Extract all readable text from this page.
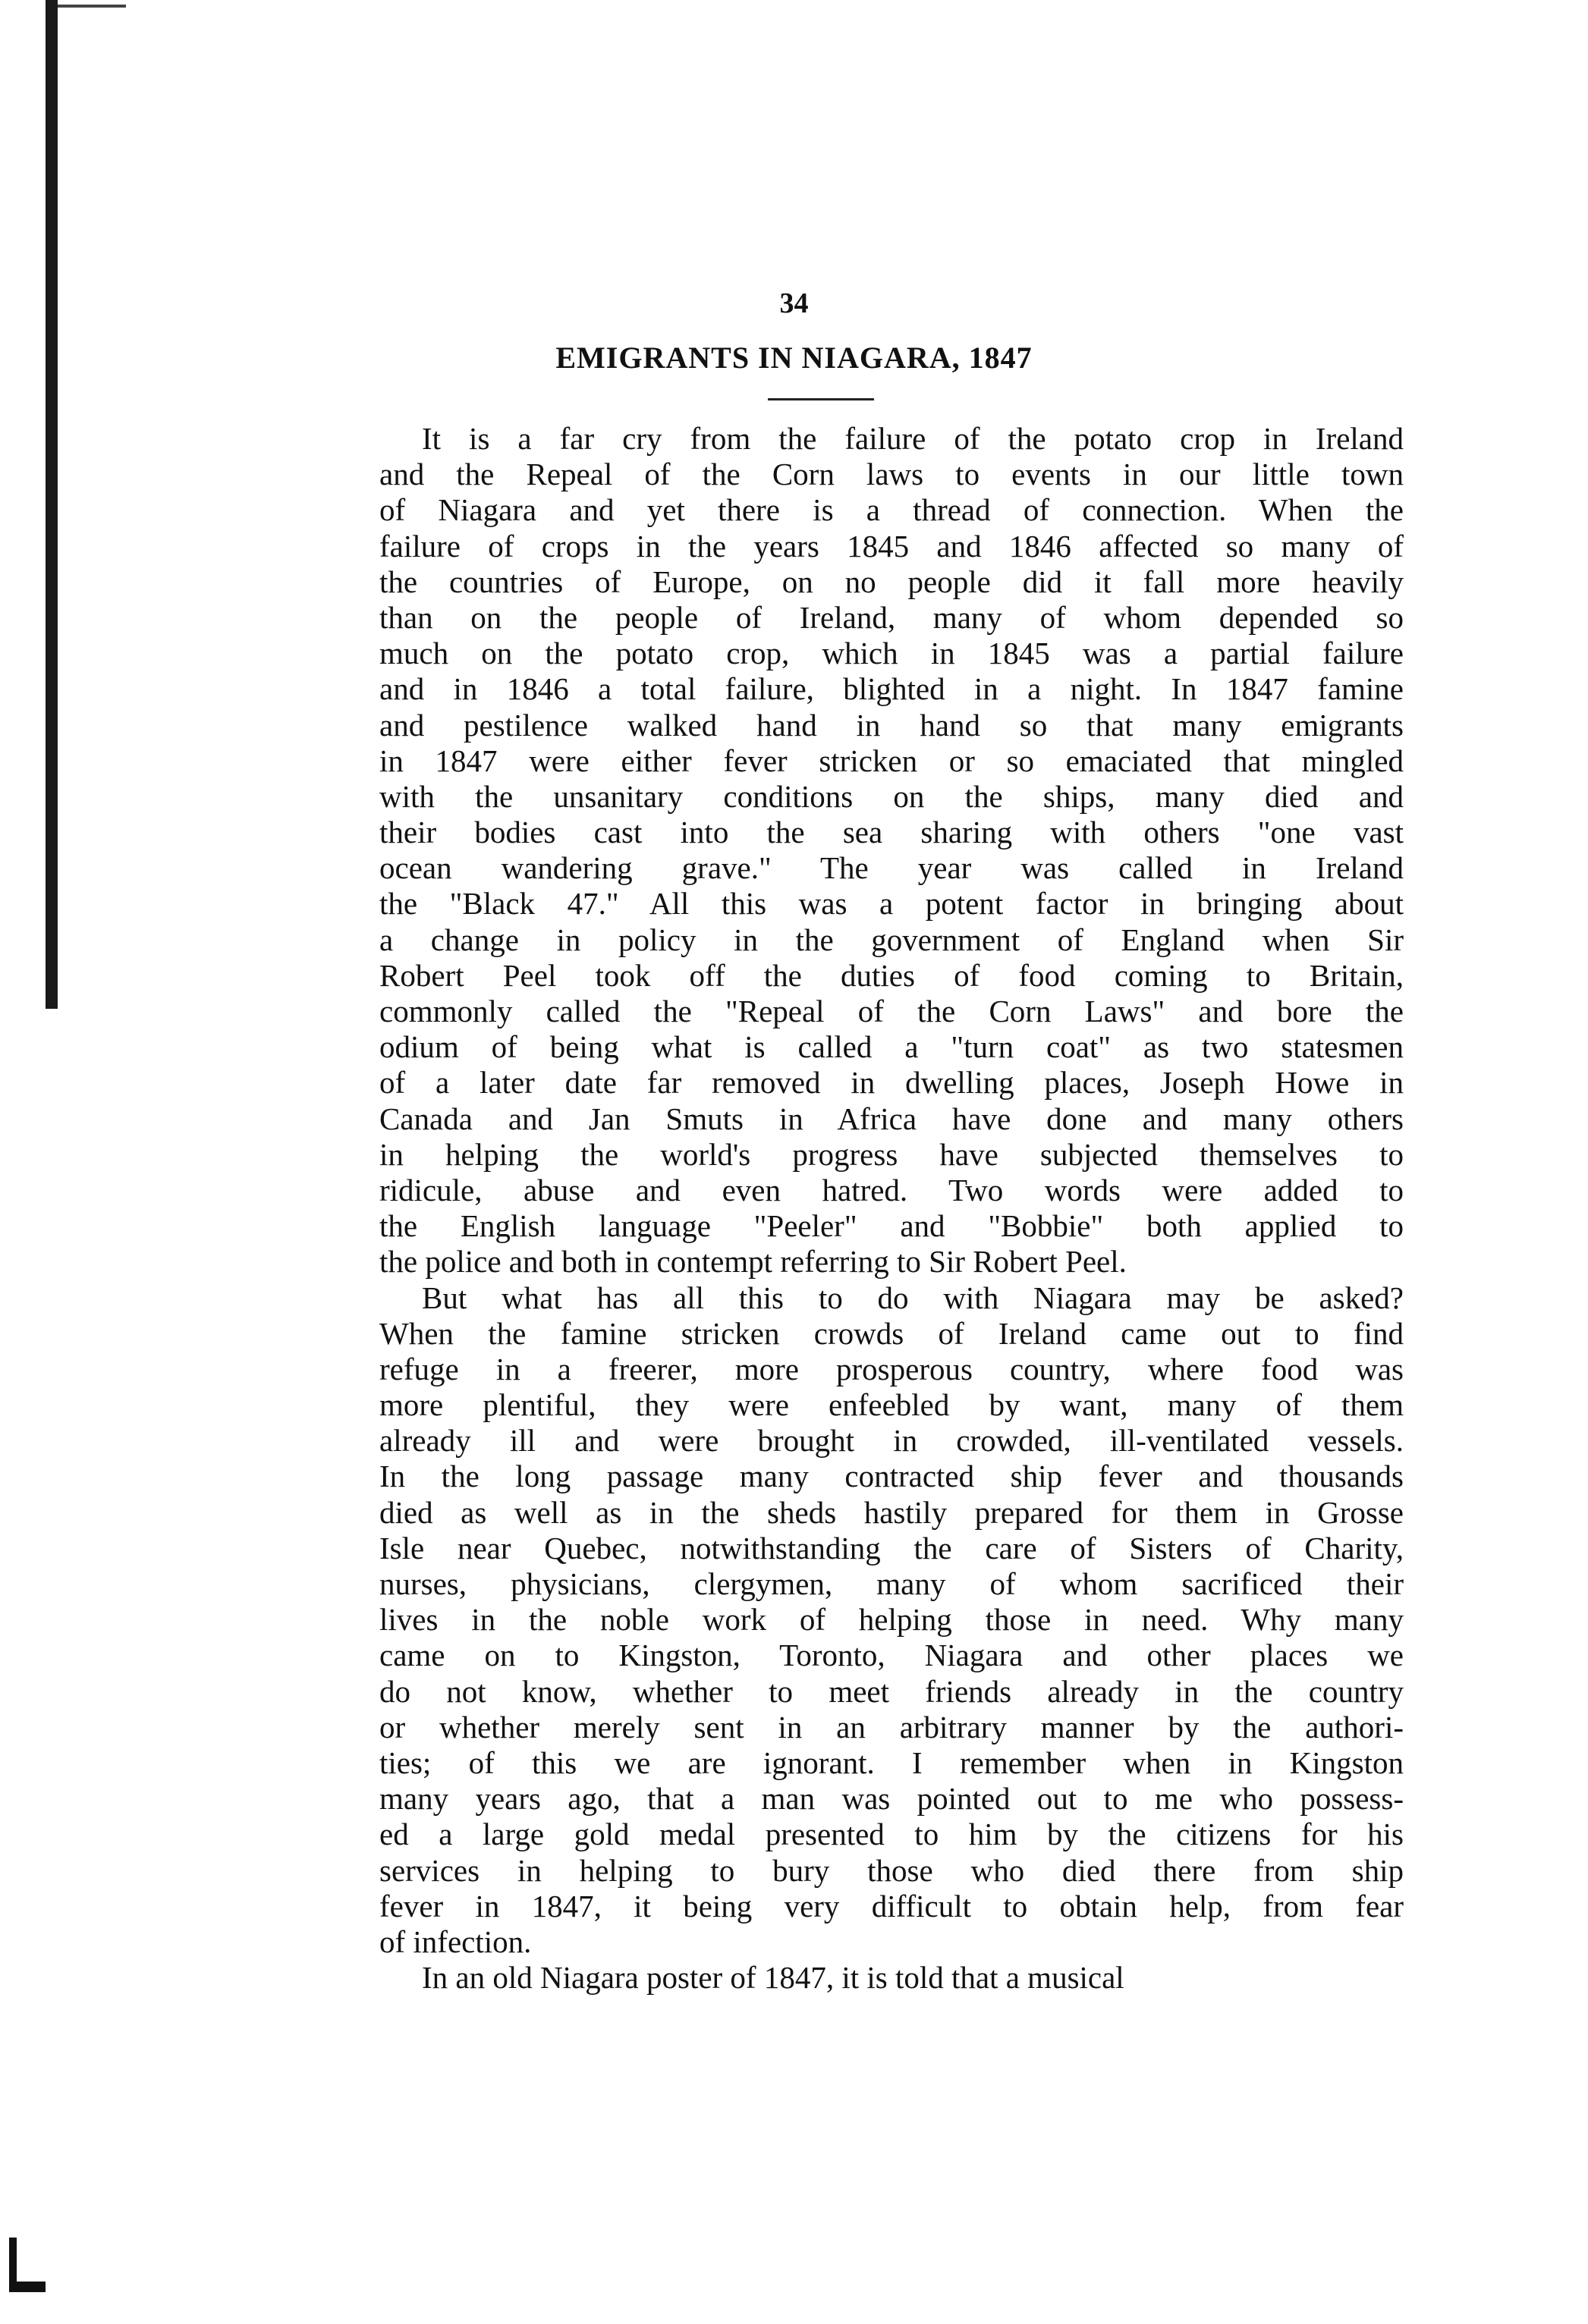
34
EMIGRANTS IN NIAGARA, 1847
It is a far cry from the failure of the potato crop in Ireland
and the Repeal of the Corn laws to events in our little town
of Niagara and yet there is a thread of connection. When the
failure of crops in the years 1845 and 1846 affected so many of
the countries of Europe, on no people did it fall more heavily
than on the people of Ireland, many of whom depended so
much on the potato crop, which in 1845 was a partial failure
and in 1846 a total failure, blighted in a night. In 1847 famine
and pestilence walked hand in hand so that many emigrants
in 1847 were either fever stricken or so emaciated that mingled
with the unsanitary conditions on the ships, many died and
their bodies cast into the sea sharing with others "one vast
ocean wandering grave." The year was called in Ireland
the "Black 47." All this was a potent factor in bringing about
a change in policy in the government of England when Sir
Robert Peel took off the duties of food coming to Britain,
commonly called the "Repeal of the Corn Laws" and bore the
odium of being what is called a "turn coat" as two statesmen
of a later date far removed in dwelling places, Joseph Howe in
Canada and Jan Smuts in Africa have done and many others
in helping the world's progress have subjected themselves to
ridicule, abuse and even hatred. Two words were added to
the English language "Peeler" and "Bobbie" both applied to
the police and both in contempt referring to Sir Robert Peel.
But what has all this to do with Niagara may be asked?
When the famine stricken crowds of Ireland came out to find
refuge in a freerer, more prosperous country, where food was
more plentiful, they were enfeebled by want, many of them
already ill and were brought in crowded, ill-ventilated vessels.
In the long passage many contracted ship fever and thousands
died as well as in the sheds hastily prepared for them in Grosse
Isle near Quebec, notwithstanding the care of Sisters of Charity,
nurses, physicians, clergymen, many of whom sacrificed their
lives in the noble work of helping those in need. Why many
came on to Kingston, Toronto, Niagara and other places we
do not know, whether to meet friends already in the country
or whether merely sent in an arbitrary manner by the authori-
ties; of this we are ignorant. I remember when in Kingston
many years ago, that a man was pointed out to me who possess-
ed a large gold medal presented to him by the citizens for his
services in helping to bury those who died there from ship
fever in 1847, it being very difficult to obtain help, from fear
of infection.
In an old Niagara poster of 1847, it is told that a musical
